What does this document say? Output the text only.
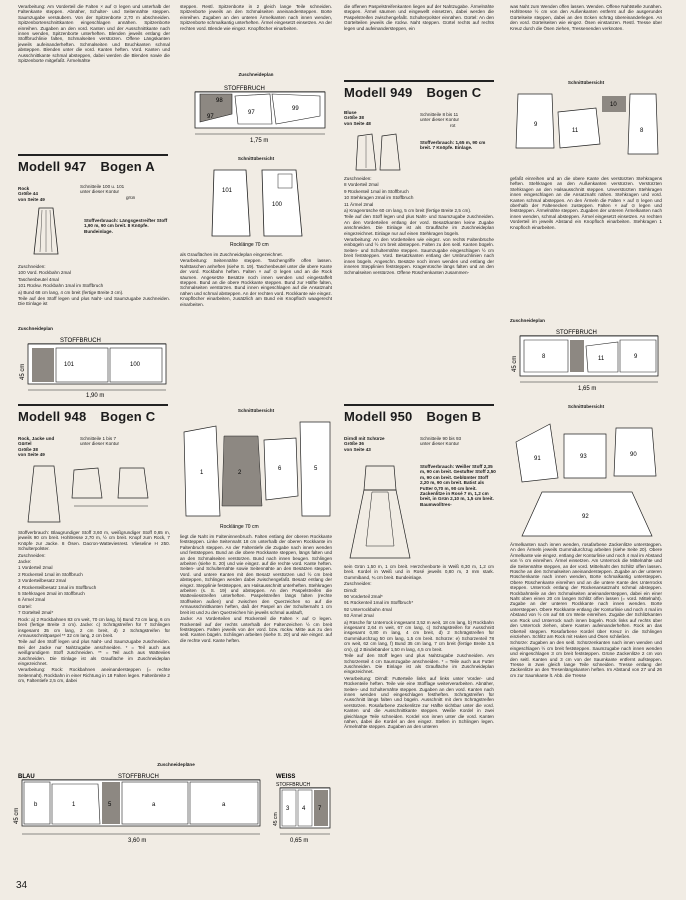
Verarbeitung: Am Vorderteil die Falten × auf ⊙ legen und unterhalb der Faltenkante steppen. Abnäher, Schulter- und Seitennähte steppen. Saumzugabe versäubern. Von der Spitzenborte 2,70 m abschneiden. Spitzenbortenschnittkanten eingeschlagen annähen. Spitzenborte einreihen. Zugaben an den vord. Kanten und der Ausschnittkante nach innen wenden, Spitzenborte unterheften. Blenden jeweils entlang der Stoffbruchlinie falten, Schmalseiten verstürzen. Offene Längskanten jeweils aufeinanderheften. Schmalseiten und Bruchkanten schmal absteppen. Blenden unter die vord. Kanten heften. Vord. Kanten und Ausschnittkante schmal absteppen, dabei werden die Blenden sowie die Spitzenborte mitgefaßt. Ärmelnähte

steppen. Restl. Spitzenborte in 2 gleich lange Teile schneiden. Spitzenborte jeweils an den Schmalseiten aneinandersteppen. Borte einreihen. Zugaben an den unteren Ärmelkanten nach innen wenden, Spitzenborte schmalkantig unterheften. Ärmel eingesetzt einsetzen. An der rechten vord. Blende wie eingez. Knopflöcher einarbeiten.

die offenen Paspelstreifenkanten liegen auf der Nahtzugabe. Ärmelnähte steppen. Ärmel säumen und eingewellt einsetzen, dabei werden die Paspelstreifen zwischengefaßt. Schulterpolster einnähen. Gürtel: An den Gürtelteilen jeweils die rückw. Naht steppen. Gürtel rechts auf rechts legen und aufeinandersteppen, ein

was Naht zum Wenden offen lassen. Wenden. Offene Nahtstelle zunähen. Hohltresse ½ cm von den Außenkanten entfernt auf die ausgerundet Gürtelseite steppen, dabei an den Ecken schräg übereinanderlegen. An den vord. Gürtelseiten wie eingez. Ösen einstanzen. Restl. Tresse über Kreuz durch die Ösen ziehen, Tressenenden verknoten.

Zuschneideplan
STOFFBRUCH
98
97
97
99
1,75 m
Modell 947 Bogen A
Rock
Größe 44
von Seite 49
Schnitteile 100 u. 101
unter dieser Kontur
grün
Stoffverbrauch: Längsgestreifter Stoff 1,90 m, 90 cm breit. 8 Knöpfe. Bundeinlage.

Zuschneiden:

100 Vord. Rockbahn 2mal

Taschenbeutel 4mal

101 Rückw. Rockbahn 1mal im Stoffbruch

a) Bund 68 cm lang, 4 cm breit (fertige Breite 3 cm).

Teile auf den Stoff legen und plus Naht- und Saumzugabe zuschneiden. Die Einlage ist

Zuschneideplan
STOFFBRUCH
101	100
45 cm
1,90 m
Schnittübersicht
101
100
Rocklänge 70 cm

als Grauflächen im Zuschneideplan eingezeichnet.

Verarbeitung: Seitennähte steppen. Taschengriffe offen lassen. Nahttaschen anheften (siehe S. 19). Taschenbeutel unter die obere Kante der vord. Rockbahn heften. Falten × auf ⊙ legen und an die Rock säumen. Angesetzte Besätze noch innen wenden und eingestaffelt steppen. Bund an die obere Rockkante steppen. Bund zur Hälfte falten, Schmalseiten verstürzen. Bund innen eingeschlagen auf die Ansatznaht nähen und schmal absteppen. An der rechten vord. Rockkante wie eingez. Knopflöcher einarbeiten, zusätzlich am Bund ein Knopfloch waagerecht einarbeiten.

Modell 949 Bogen C
Bluse
Größe 38
von Seite 48
Schnitteile 8 bis 11
unter dieser Kontur
rot
Stoffverbrauch: 1,65 m, 90 cm breit. 7 Knöpfe. Einlage.

Zuschneiden:

8 Vorderteil 2mal

9 Rückenteil 1mal im Stoffbruch

10 Stehkragen 2mal im Stoffbruch

11 Ärmel 2mal

a) Kragenrüsche 60 cm lang, 5 cm breit (fertige Breite 2,5 cm).

Teile auf den Stoff legen und plus Naht- und Saumzugabe zuschneiden. An den Vorderteilen entlang der vord. Besatzkanten keine Zugabe anschneiden. Die Einlage ist als Graufläche im Zuschneideplan eingezeichnet. Einlage nur auf einen Stehkragen bügeln.

Verarbeitung: An den Vorderteilen wie eingez. von rechts Faltenbrüche einbügeln und ½ cm breit absteppen. Falten zu den seitl. Kanten bügeln. Seiten- und Schulternähte steppen. Saumzugabe eingeschlagen ½ cm breit feststeppen. Vord. Besatzkanten entlang der Umbruchlinien nach innen bügeln. Angeschn. Besätze noch innen wenden und entlang der inneren Stepplinien feststeppen. Kragenrüsche längs falten und an den Schmalseiten verstürzen. Offene Rüschenkanten zusammen-

Schnittübersicht
9
11
10
8

gefaßt einreihen und an die obere Kante des verstürzten Stehkragens heften. Stehkragen an den Außenkanten verstürzen. Verstürzten Stehkragen an den Halsausschnitt steppen. Unverstürzten Stehkragen innen eingeschlagen an die Ansatznaht nähen. Stehkragen und vord. Kanten schmal absteppen. An den Ärmeln die Falten × auf ⊙ legen und oberhalb der Faltenecken zusteppen. Falten × auf ⊙ legen und feststeppen. Ärmelnähte steppen. Zugaben der unteren Ärmelkanten nach innen wenden, schmal absteppen. Ärmel eingesetzt einsetzen. An rechten Vorderteil im jeweils Abstand ein Knopfloch einarbeiten. Stehkragen 1 Knopfloch einarbeiten.

Zuschneideplan
STOFFBRUCH
8	11	9
45 cm
1,65 m
Modell 948 Bogen C
Rock, Jacke und Gürtel
Größe 38
von Seite 49
Schnitteile 1 bis 7
unter dieser Kontur

Stoffverbrauch: Blaugrundiger Stoff 3,60 m, weißgrundiger Stoff 0,65 m, jeweils 90 cm breit. Hohltresse 2,70 m, ½ cm breit. Knopf zum Rock, 7 Knöpfe zur Jacke. 8 Ösen. Dacron-Watteviesrest. Vlieseline H 250. Schulterpolster.

Zuschneiden:

Jacke:

1 Vorderteil 2mal

2 Rückenteil 1mal im Stoffbruch

3 Vorderteilbesatz 2mal

4 Rückenteilbesatz 1mal im Stoffbruch

5 Stehkragen 2mal im Stoffbruch

6 Ärmel 2mal

Gürtel:

7 Gürtelteil 2mal*

Rock: a) 2 Rockbahnen 83 cm weit, 70 cm lang, b) Bund 73 cm lang, 6 cm breit (fertige Breite 3 cm). Jacke: c) Schrägstreifen für 7 Schlingen insgesamt 35 cm lang, 2 cm breit, d) 2 Schrägstreifen für Armausschnittpaspel ** 32 cm lang, 2 cm breit.

Teile auf den Stoff legen und plus Naht- und Saumzugabe zuschneiden. Bei der Jacke nur Nahtzugabe anschneiden. * = Teil auch aus weißgrundigem Stoff zuschneiden. ** = Teil auch aus Watteviies zuschneiden. Die Einlage ist als Graufläche im Zuschneideplan eingezeichnet.

Verarbeitung: Rock: Rockbahnen aneinandersteppen (= rechte Seitennaht). Rockbahn in einer Richtung in 18 Falten legen. Faltenbreite 2 cm, Faltentiefe 2,5 cm, dabei

Schnittübersicht
1	2
6	5
Rocklänge 70 cm

liegt die Naht im Falteninnenbruch. Falten entlang der oberen Rockkante feststeppen. Linke Seitennaht 18 cm unterhalb der oberen Rockkante im Faltenbruch steppen. An der Faltentiefe die Zugabe nach innen wenden und feststeppen. Bund an die obere Rockkante steppen, längs falten und an den Schmalseiten verstürzen. Bund nach innen beugen. Schlingen arbeiten (siehe S. 20) und wie eingez. auf die rechte vord. Kante heften. Seiten- und Schulternähte sowie Seitennähte an den Besätzen steppen. Vord. und untere Kanten mit den Besatz verstürzen und ½ cm breit absteppen, Schlingen werden dabei zwischengefaßt. Besatz entlang der eingez. Stepplinie feststeppen, am Halsausschnitt unterheften. Stehkragen arbeiten (s. S. 19) und absteppen. An den Paspelstreifen die Watteviiesstreifen unterheften. Paspelstreifen längs falten (rechte Stoffseiten außen) und zwischen den Querzeichen so auf die Armausschnittkanten heften, daß der Paspel an der Schulternaht 1 cm breit ist und zu den Querzeichen hin jeweils schmal ausläuft,

Jacke: An Vorderteilen und Rückenteil die Falten × auf ⊙ legen. Rückenteil auf der rechts unterhalb der Faltenzeichen ½ cm breit feststeppen. Falten jeweils von der vord. bzw. rückw. Mitte aus zu den seitl. Kanten bügeln. Schlingen arbeiten (siehe S. 20) und wie eingez. auf die rechte vord. Kante heften.

Zuschneidepläne
BLAU	STOFFBRUCH
b	1	5	a	a
45 cm
3,60 m
WEISS
STOFFBRUCH
3 4 7
45 cm
0,65 m
Modell 950 Bogen B
Dirndl mit Schürze
Größe 36
von Seite 43
Schnitteile 90 bis 93
unter dieser Kontur
Stoffverbrauch: Weißer Stoff 2,35 m, 90 cm breit. Gestufter Stoff 2,50 m, 90 cm breit. Geblümter Stoff 2,20 m, 90 cm breit. Batist als Futter 0,70 m, 90 cm breit. Zackenlitze in Rosé 7 m, 1,2 cm breit, in Grün 2,10 m, 1,5 cm breit. Baumwolltres-

sein Grün 1,50 m, 1 cm breit. Herzchenborte in Weiß 6,30 m, 1,2 cm breit. Kordel in Weiß und in Rosé jeweils 0,80 m, 3 mm stark. Gummiband, ¾ cm breit. Bundeinlage.

Zuschneiden:

Dirndl:

90 Vorderteil 2mal*

91 Rückenteil 1mal im Stoffbruch*

92 Unterrockbahn 4mal

93 Ärmel 2mal

a) Rüsche für Unterrock insgesamt 3,52 m weit, 18 cm lang, b) Rockbahn insgesamt 2,64 m weit, 67 cm lang, c) Schrägstreifen für Ausschnitt insgesamt 0,80 m lang, 4 cm breit, d) 2 Schrägstreifen für Gummidurchzug 50 cm lang, 1,5 cm breit. Schürze: e) Schürzenteil 78 cm weit, 62 cm lang, f) Bund 35 cm lang, 7 cm breit (fertige Breite 3,5 cm), g) 2 Bindebänder 1,50 m lang, 4,5 cm breit.

Teile auf den Stoff legen und plus Nahtzugabe zuschneiden. Am Schürzenteil 4 cm Saumzugabe anschneiden. * = Teile auch aus Futter zuschneiden. Die Einlage ist als Graufläche im Zuschneideplan eingezeichnet.

Verarbeitung: Dirndl: Futterteile links auf links unter Vorder- und Rückenteile heften. Teile wie eine Stofflage weiterverarbeiten. Abnäher, Seiten- und Schulternähte steppen. Zugaben an den vord. Kanten nach innen wenden und eingeschlagen festheften. Schrägstreifen für Ausschnitt längs falten und bügeln. Ausschnitt mit dem Schrägstreifen verstürzen. Rosafarbene Zackenlitze zur Hälfte sichtbar unter die vord. Kanten und die Ausschnittkante steppen. Weiße Kordel in zwei gleichlange Teile schneiden. Kordel von innen unter die vord. Kanten nähen, dabei die Kordel an den eingez. Stellen in Schlingen legen. Ärmelnähte steppen. Zugaben an den unteren

Schnittübersicht
91	93	90
92

Ärmelkanten nach innen wenden, rosafarbene Zackenlitze unterstegpen. An den Ärmeln jeweils Gummidurchzug arbeiten (siehe Seite 20). Obere Ärmelkante wie eingez. entlang der Konturlinie und noch 4 mal im Abstand von ½ cm einreihen. Ärmel einsetzen. Am Unterrock die Mittelnähte und die Seitennähte steppen, an der vord. Mittelnaht den Schlitz offen lassen. Rüsche an den Schmalseiten aneinandersteppen. Zugabe an der unteren Rüschenkante nach innen wenden, Borte schmalkantig untersteppen. Obere Rüschenkante einreihen und an die untere Kante des Unterrocks steppen. Unterrock entlang der Rückenansatznaht schmal absteppen. Rockbahnteile an den Schmalseiten aneinandersteppen, dabei ein einer Naht oben einen 20 cm langen Schlitz offen lassen (= vord. Mittelnaht). Zugabe an der unteren Rockkante nach innen wenden. Borte untersteppen. Obere Rockkante entlang der Konturlinie und noch 4 mal im Abstand von ½ cm auf 68 cm Weite einreihen. Zugabe der Schlitzkanten von Rock und Unterrock nach innen bügeln. Rock links auf rechts über den Unterrock ziehen, obere Kanten aufeinanderheften. Rock an das Oberteil steppen. Rosafarbene Kordel über Kreuz in die Schlingen einziehen. Schlitz am Rock mit Haken und Ösen schließen.

Schürze: Zugaben an den seitl. Schürzenkanten nach innen wenden und eingeschlagen ½ cm breit feststeppen. Saumzugabe nach innen wenden und eingeschlagen 3 cm breit feststeppen. Grüne Zackenlitze 2 cm von den seitl. Kanten und 3 cm von der Saumkante entfernt aufsteppen. Tresse in zwei gleich lange Teile schneiden. Tresse entlang der Zackenlitze an den Tresenlängskanten heften. Im Abstand von 27 und 26 cm zur Saumkante lt. Abb. die Tresse

34
